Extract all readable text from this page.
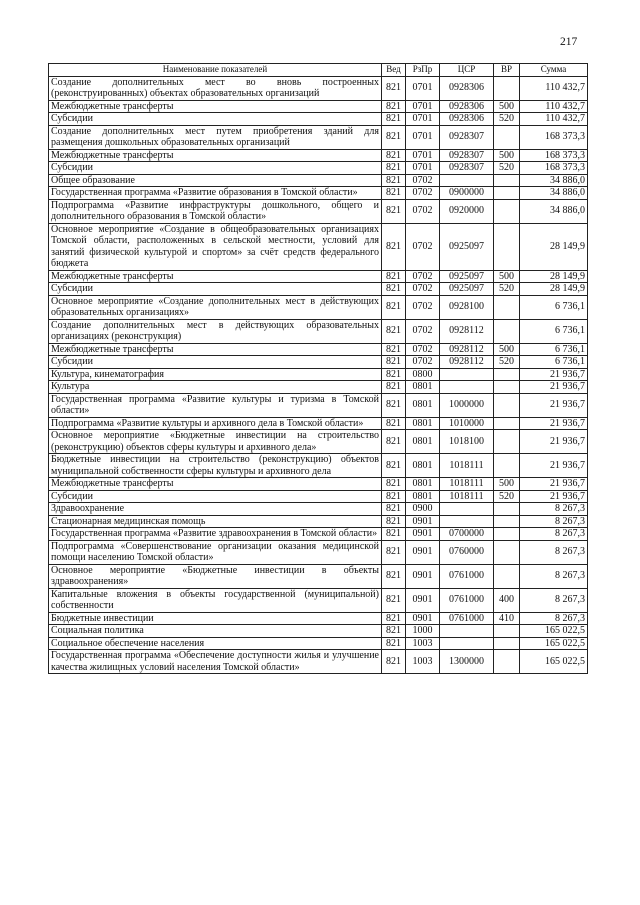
217
Наименование показателей	Вед	РзПр	ЦСР	ВР	Сумма
Создание дополнительных мест во вновь построенных (реконструированных) объектах образовательных организаций	821	0701	0928306		110 432,7
Межбюджетные трансферты	821	0701	0928306	500	110 432,7
Субсидии	821	0701	0928306	520	110 432,7
Создание дополнительных мест путем приобретения зданий для размещения дошкольных образовательных организаций	821	0701	0928307		168 373,3
Межбюджетные трансферты	821	0701	0928307	500	168 373,3
Субсидии	821	0701	0928307	520	168 373,3
Общее образование	821	0702			34 886,0
Государственная программа «Развитие образования в Томской области»	821	0702	0900000		34 886,0
Подпрограмма «Развитие инфраструктуры дошкольного, общего и дополнительного образования в Томской области»	821	0702	0920000		34 886,0
Основное мероприятие «Создание в общеобразовательных организациях Томской области, расположенных в сельской местности, условий для занятий физической культурой и спортом» за счёт средств федерального бюджета	821	0702	0925097		28 149,9
Межбюджетные трансферты	821	0702	0925097	500	28 149,9
Субсидии	821	0702	0925097	520	28 149,9
Основное мероприятие «Создание дополнительных мест в действующих образовательных организациях»	821	0702	0928100		6 736,1
Создание дополнительных мест в действующих образовательных организациях (реконструкция)	821	0702	0928112		6 736,1
Межбюджетные трансферты	821	0702	0928112	500	6 736,1
Субсидии	821	0702	0928112	520	6 736,1
Культура, кинематография	821	0800			21 936,7
Культура	821	0801			21 936,7
Государственная программа «Развитие культуры и туризма в Томской области»	821	0801	1000000		21 936,7
Подпрограмма «Развитие культуры и архивного дела в Томской области»	821	0801	1010000		21 936,7
Основное мероприятие «Бюджетные инвестиции на строительство (реконструкцию) объектов сферы культуры и архивного дела»	821	0801	1018100		21 936,7
Бюджетные инвестиции на строительство (реконструкцию) объектов муниципальной собственности сферы культуры и архивного дела	821	0801	1018111		21 936,7
Межбюджетные трансферты	821	0801	1018111	500	21 936,7
Субсидии	821	0801	1018111	520	21 936,7
Здравоохранение	821	0900			8 267,3
Стационарная медицинская помощь	821	0901			8 267,3
Государственная программа «Развитие здравоохранения в Томской области»	821	0901	0700000		8 267,3
Подпрограмма «Совершенствование организации оказания медицинской помощи населению Томской области»	821	0901	0760000		8 267,3
Основное мероприятие «Бюджетные инвестиции в объекты здравоохранения»	821	0901	0761000		8 267,3
Капитальные вложения в объекты государственной (муниципальной) собственности	821	0901	0761000	400	8 267,3
Бюджетные инвестиции	821	0901	0761000	410	8 267,3
Социальная политика	821	1000			165 022,5
Социальное обеспечение населения	821	1003			165 022,5
Государственная программа «Обеспечение доступности жилья и улучшение качества жилищных условий населения Томской области»	821	1003	1300000		165 022,5
